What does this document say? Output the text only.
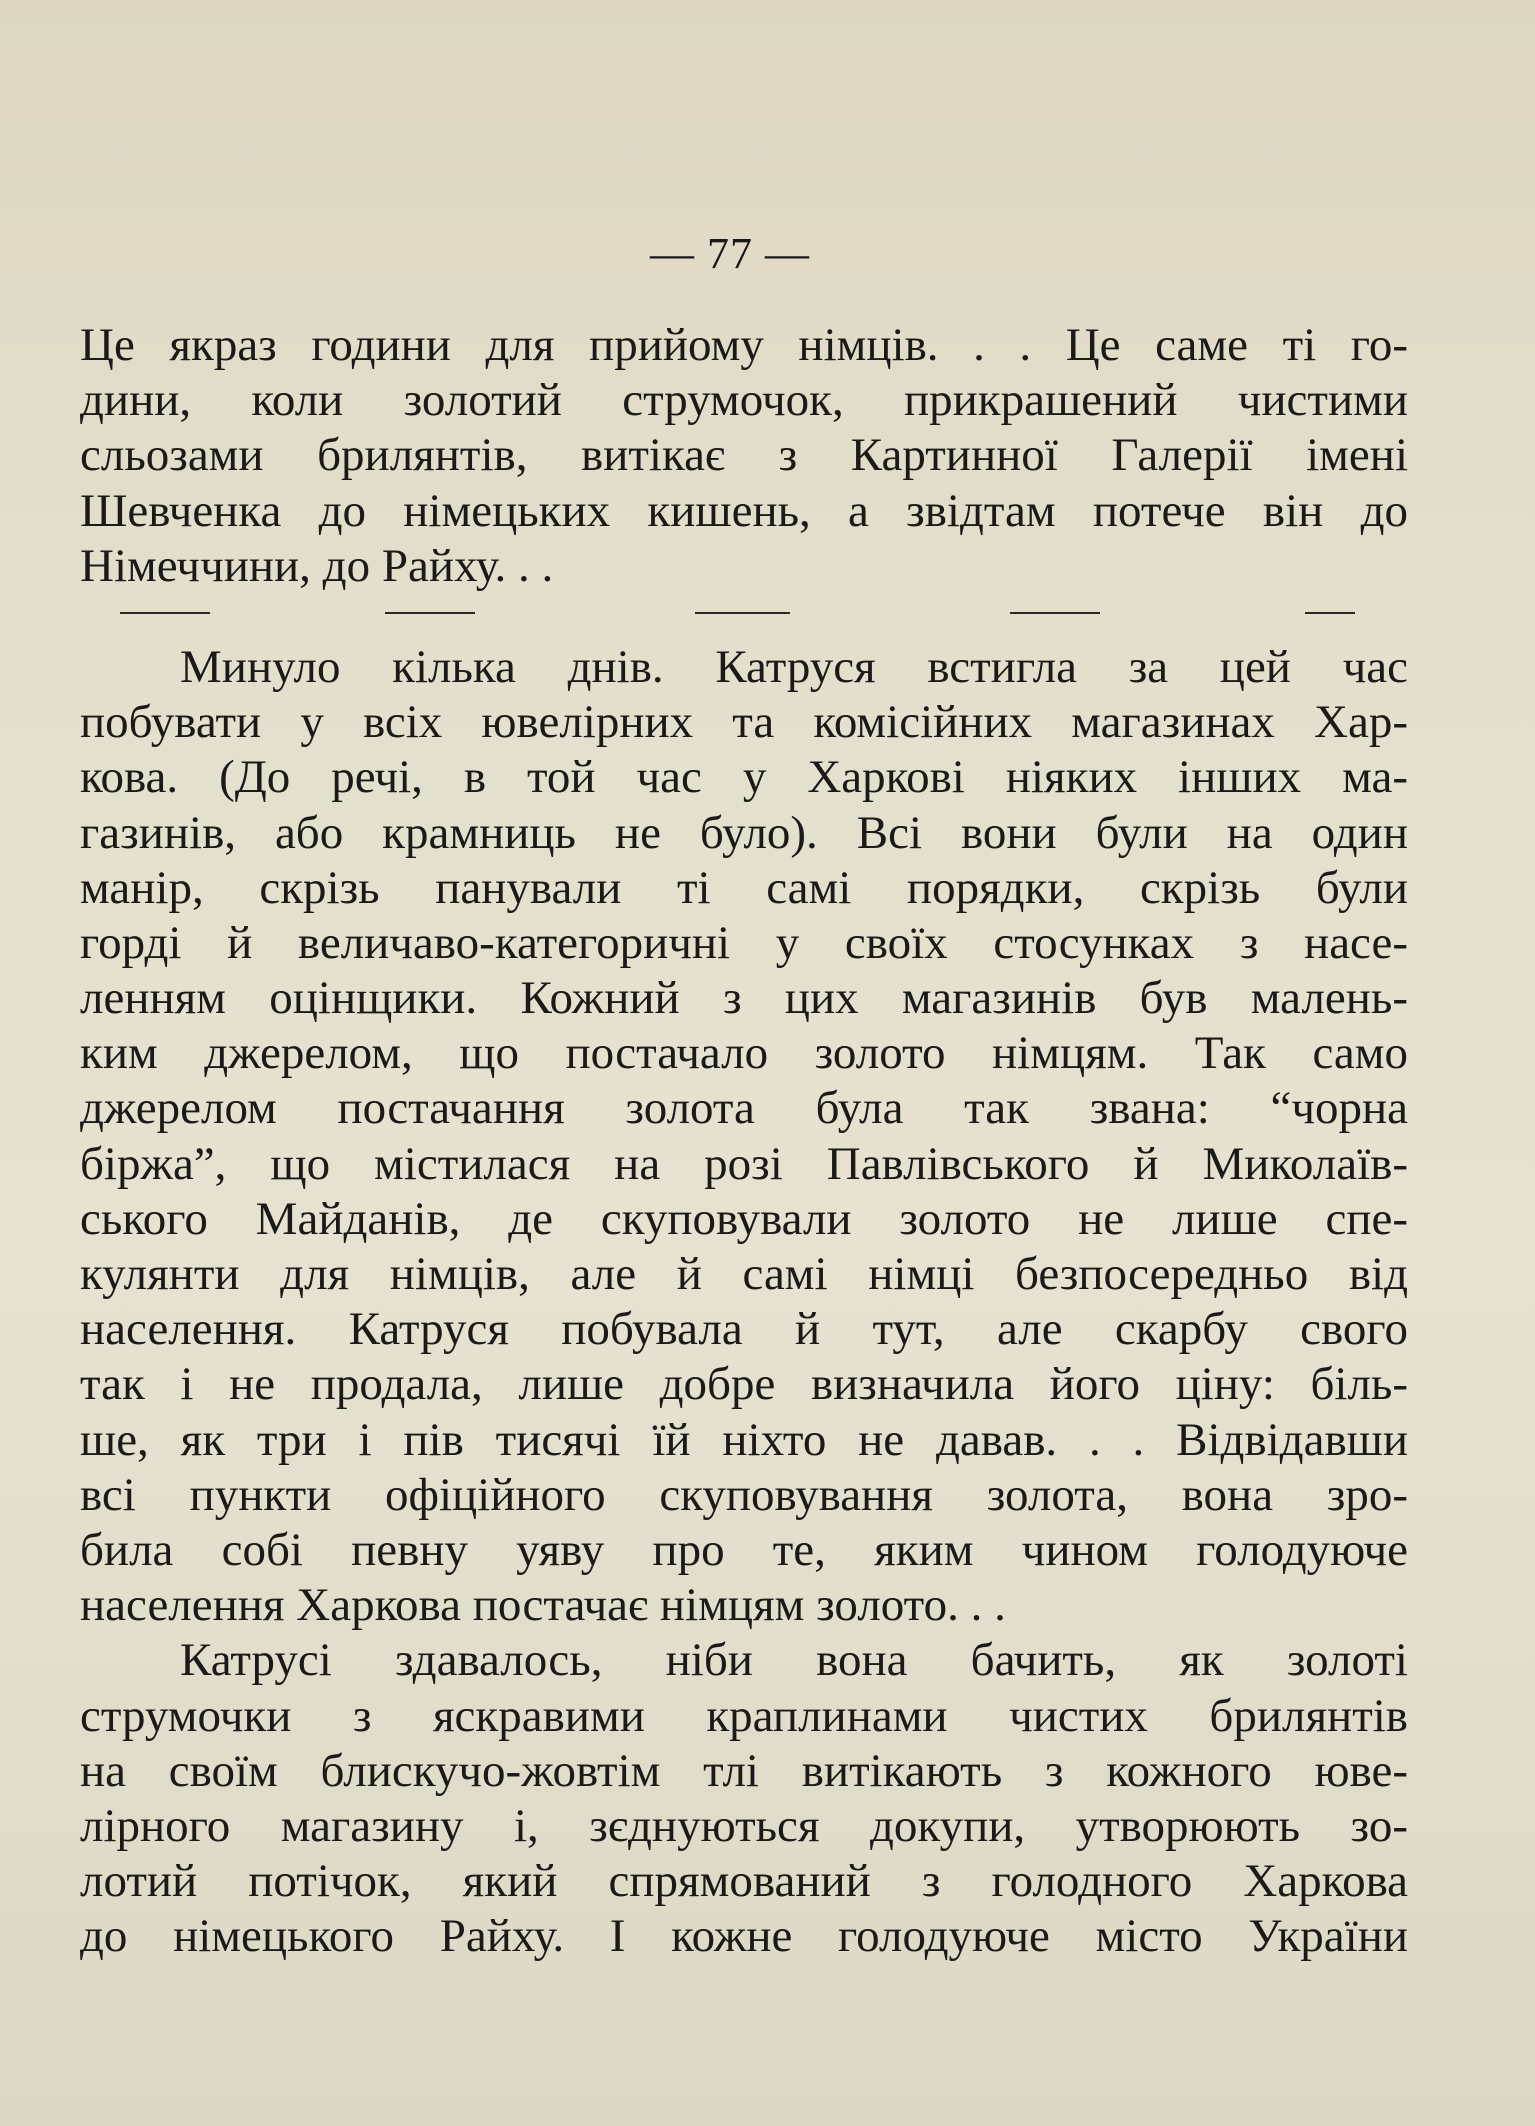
— 77 —
Це якраз години для прийому німців. . . Це саме ті го-
дини, коли золотий струмочок, прикрашений чистими
сльозами брилянтів, витікає з Картинної Галерії імені
Шевченка до німецьких кишень, а звідтам потече він до
Німеччини, до Райху. . .
Минуло кілька днів. Катруся встигла за цей час
побувати у всіх ювелірних та комісійних магазинах Хар-
кова. (До речі, в той час у Харкові ніяких інших ма-
газинів, або крамниць не було). Всі вони були на один
манір, скрізь панували ті самі порядки, скрізь були
горді й величаво-категоричні у своїх стосунках з насе-
ленням оцінщики. Кожний з цих магазинів був малень-
ким джерелом, що постачало золото німцям. Так само
джерелом постачання золота була так звана: “чорна
біржа”, що містилася на розі Павлівського й Миколаїв-
ського Майданів, де скуповували золото не лише спе-
кулянти для німців, але й самі німці безпосередньо від
населення. Катруся побувала й тут, але скарбу свого
так і не продала, лише добре визначила його ціну: біль-
ше, як три і пів тисячі їй ніхто не давав. . . Відвідавши
всі пункти офіційного скуповування золота, вона зро-
била собі певну уяву про те, яким чином голодуюче
населення Харкова постачає німцям золото. . .
Катрусі здавалось, ніби вона бачить, як золоті
струмочки з яскравими краплинами чистих брилянтів
на своїм блискучо-жовтім тлі витікають з кожного юве-
лірного магазину і, зєднуються докупи, утворюють зо-
лотий потічок, який спрямований з голодного Харкова
до німецького Райху. І кожне голодуюче місто України
